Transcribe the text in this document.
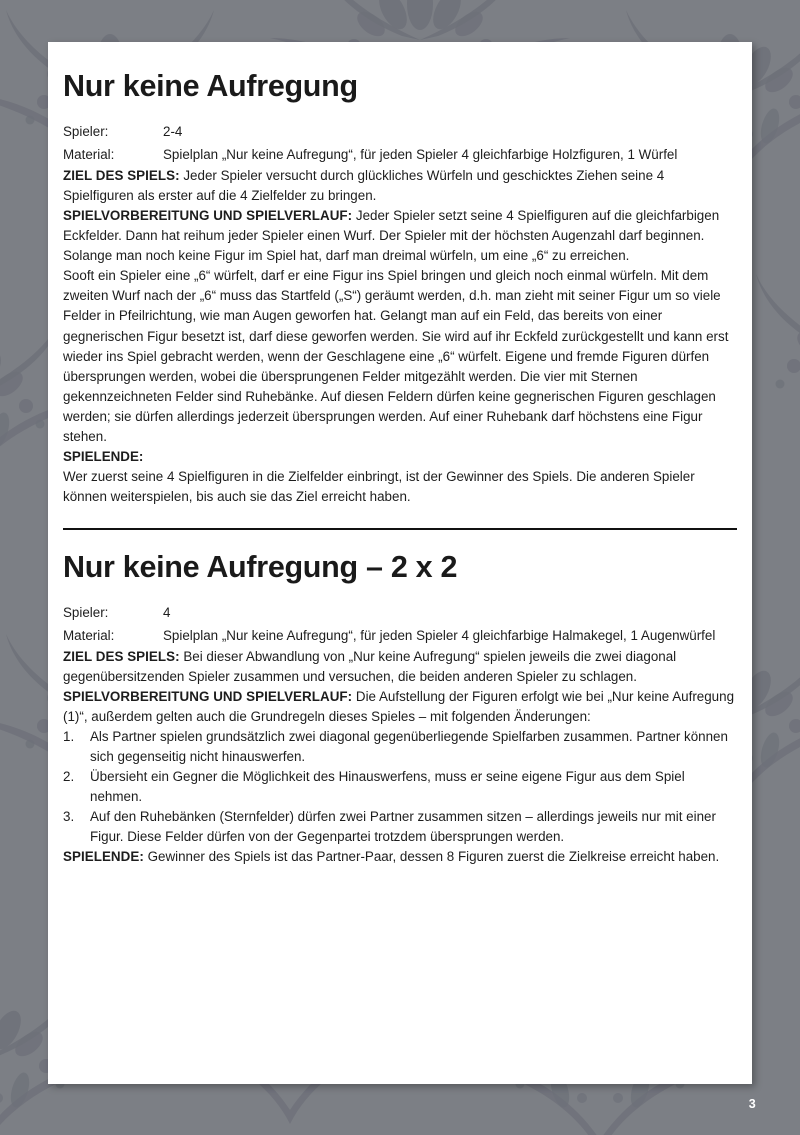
3
Nur keine Aufregung
Spieler:	2-4
Material:	Spielplan „Nur keine Aufregung“, für jeden Spieler 4 gleichfarbige Holzfiguren, 1 Würfel

ZIEL DES SPIELS: Jeder Spieler versucht durch glückliches Würfeln und geschicktes Ziehen seine 4 Spielfiguren als erster auf die 4 Zielfelder zu bringen.

SPIELVORBEREITUNG UND SPIELVERLAUF: Jeder Spieler setzt seine 4 Spielfiguren auf die gleichfarbigen Eckfelder. Dann hat reihum jeder Spieler einen Wurf. Der Spieler mit der höchsten Augenzahl darf beginnen. Solange man noch keine Figur im Spiel hat, darf man dreimal würfeln, um eine „6“ zu erreichen.

Sooft ein Spieler eine „6“ würfelt, darf er eine Figur ins Spiel bringen und gleich noch einmal würfeln. Mit dem zweiten Wurf nach der „6“ muss das Startfeld („S“) geräumt werden, d.h. man zieht mit seiner Figur um so viele Felder in Pfeilrichtung, wie man Augen geworfen hat. Gelangt man auf ein Feld, das bereits von einer gegnerischen Figur besetzt ist, darf diese geworfen werden. Sie wird auf ihr Eckfeld zurückgestellt und kann erst wieder ins Spiel gebracht werden, wenn der Geschlagene eine „6“ würfelt. Eigene und fremde Figuren dürfen übersprungen werden, wobei die übersprungenen Felder mitgezählt werden. Die vier mit Sternen gekennzeichneten Felder sind Ruhebänke. Auf diesen Feldern dürfen keine gegnerischen Figuren geschlagen werden; sie dürfen allerdings jederzeit übersprungen werden. Auf einer Ruhebank darf höchstens eine Figur stehen.

SPIELENDE:
Wer zuerst seine 4 Spielfiguren in die Zielfelder einbringt, ist der Gewinner des Spiels. Die anderen Spieler können weiterspielen, bis auch sie das Ziel erreicht haben.

Nur keine Aufregung – 2 x 2
Spieler:	4
Material:	Spielplan „Nur keine Aufregung“, für jeden Spieler 4 gleichfarbige Halmakegel, 1 Augenwürfel

ZIEL DES SPIELS: Bei dieser Abwandlung von „Nur keine Aufregung“ spielen jeweils die zwei diagonal gegenübersitzenden Spieler zusammen und versuchen, die beiden anderen Spieler zu schlagen.

SPIELVORBEREITUNG UND SPIELVERLAUF: Die Aufstellung der Figuren erfolgt wie bei „Nur keine Aufregung (1)“, außerdem gelten auch die Grundregeln dieses Spieles – mit folgenden Änderungen:

1.	Als Partner spielen grundsätzlich zwei diagonal gegenüberliegende Spielfarben zusammen. Partner können sich gegenseitig nicht hinauswerfen.
2.	Übersieht ein Gegner die Möglichkeit des Hinauswerfens, muss er seine eigene Figur aus dem Spiel nehmen.
3.	Auf den Ruhebänken (Sternfelder) dürfen zwei Partner zusammen sitzen – allerdings jeweils nur mit einer Figur. Diese Felder dürfen von der Gegenpartei trotzdem übersprungen werden.

SPIELENDE: Gewinner des Spiels ist das Partner-Paar, dessen 8 Figuren zuerst die Zielkreise erreicht haben.
